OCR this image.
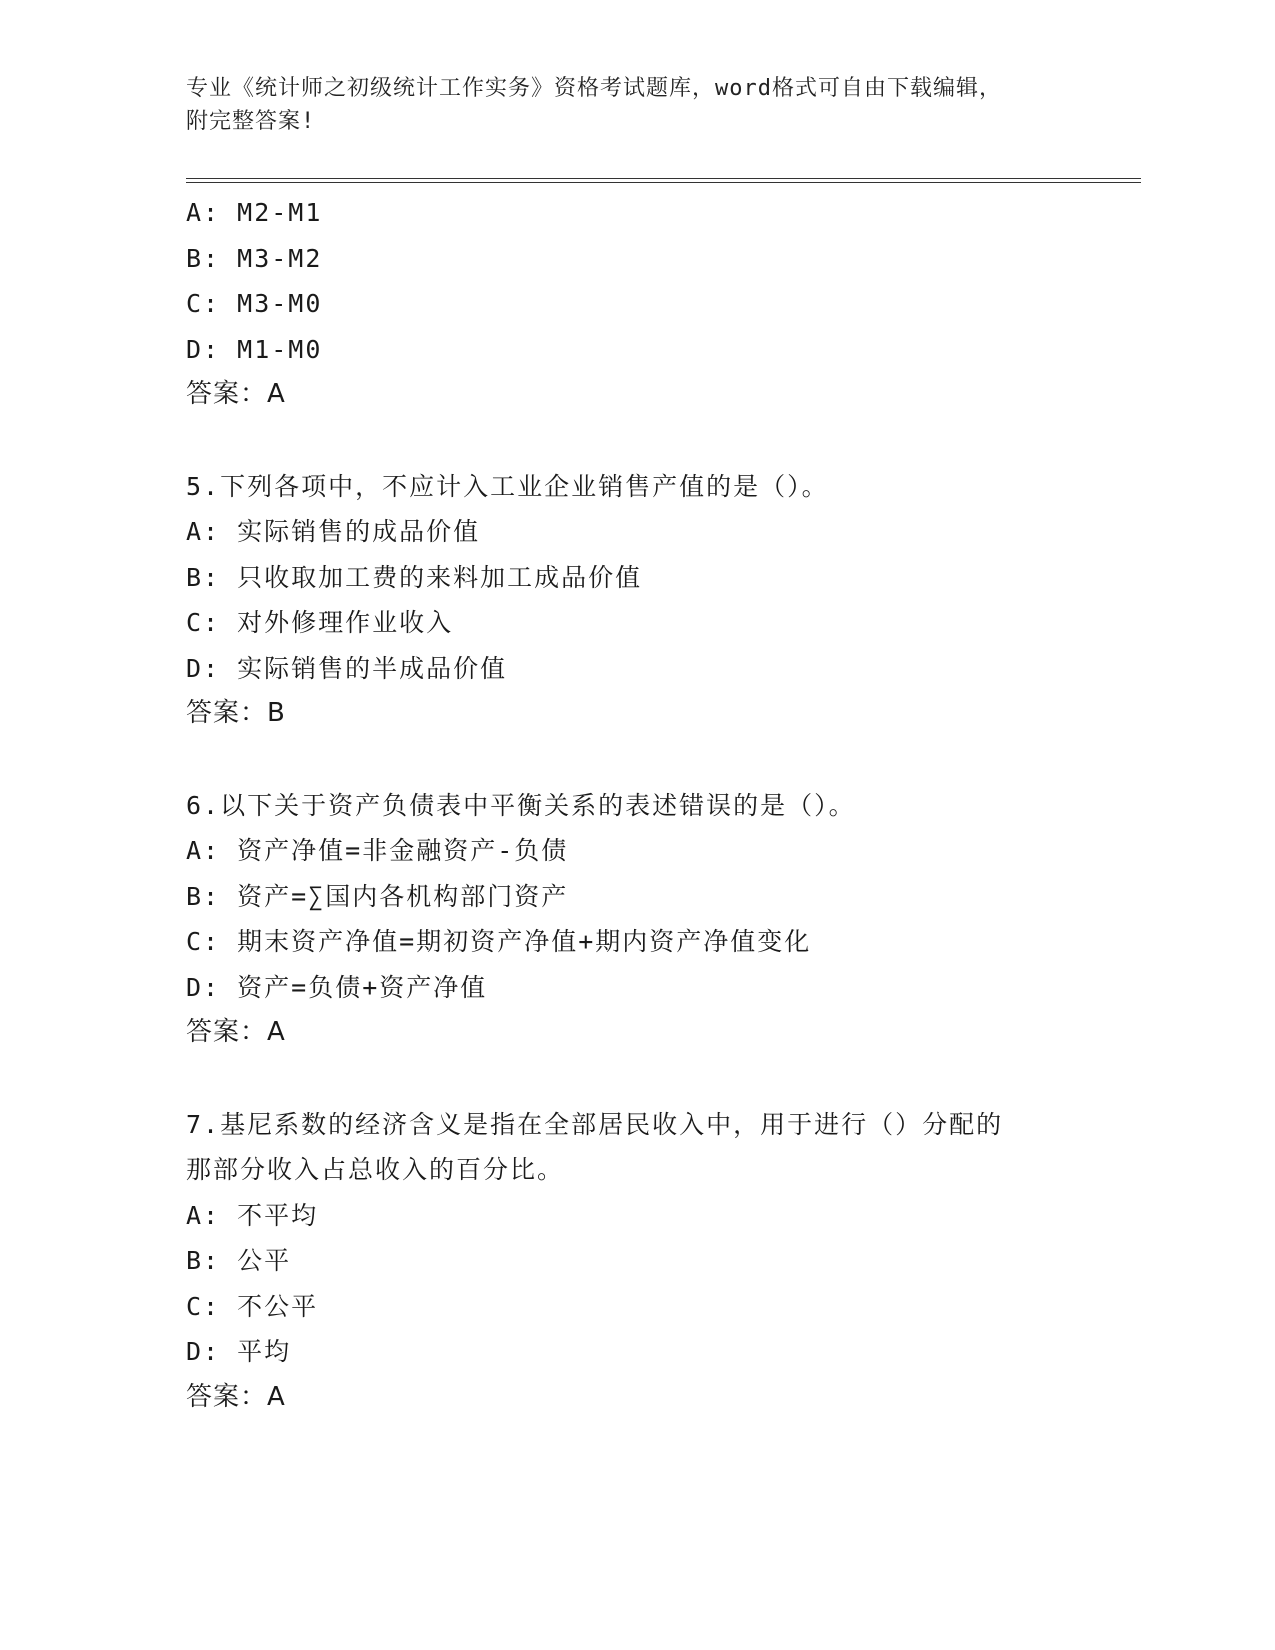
专业《统计师之初级统计工作实务》资格考试题库，word格式可自由下载编辑，
附完整答案!
A: M2-M1
B: M3-M2
C: M3-M0
D: M1-M0
答案：A
5.下列各项中，不应计入工业企业销售产值的是（）。
A: 实际销售的成品价值
B: 只收取加工费的来料加工成品价值
C: 对外修理作业收入
D: 实际销售的半成品价值
答案：B
6.以下关于资产负债表中平衡关系的表述错误的是（）。
A: 资产净值=非金融资产-负债
B: 资产=∑国内各机构部门资产
C: 期末资产净值=期初资产净值+期内资产净值变化
D: 资产=负债+资产净值
答案：A
7.基尼系数的经济含义是指在全部居民收入中，用于进行（）分配的
那部分收入占总收入的百分比。
A: 不平均
B: 公平
C: 不公平
D: 平均
答案：A
